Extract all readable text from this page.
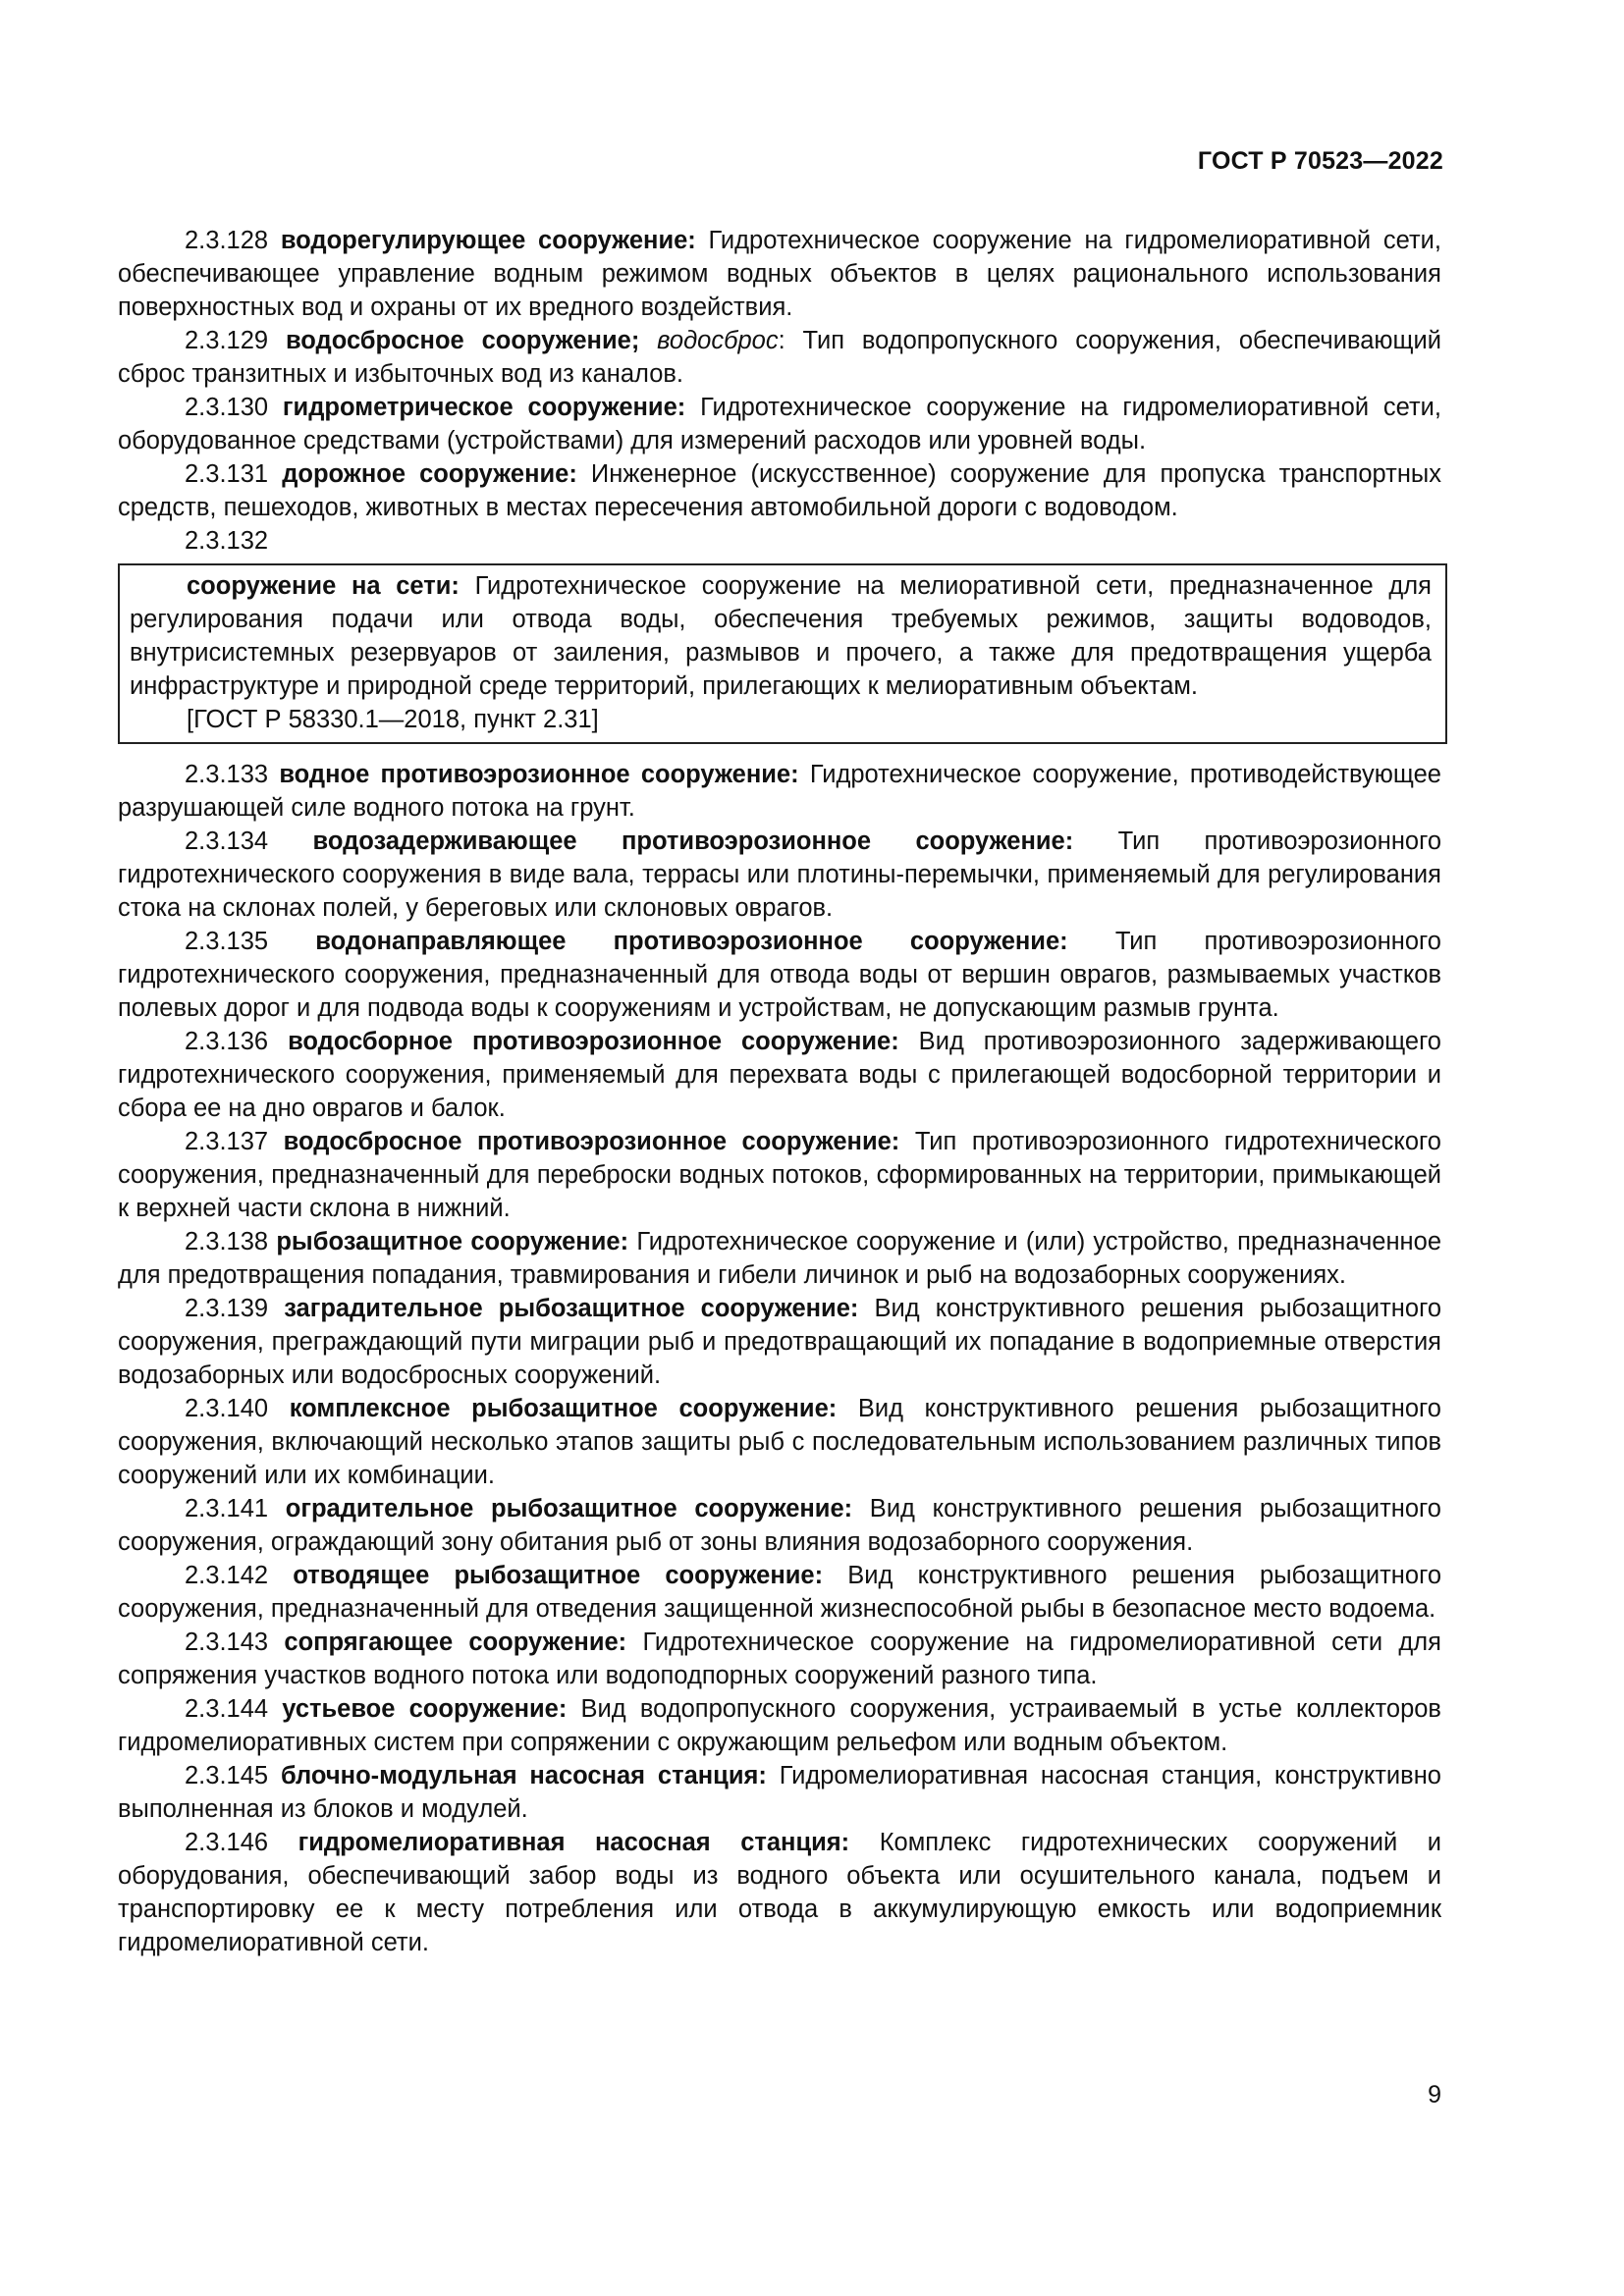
ГОСТ Р 70523—2022

2.3.128 водорегулирующее сооружение: Гидротехническое сооружение на гидромелиоративной сети, обеспечивающее управление водным режимом водных объектов в целях рационального использования поверхностных вод и охраны от их вредного воздействия.

2.3.129 водосбросное сооружение; водосброс: Тип водопропускного сооружения, обеспечивающий сброс транзитных и избыточных вод из каналов.

2.3.130 гидрометрическое сооружение: Гидротехническое сооружение на гидромелиоративной сети, оборудованное средствами (устройствами) для измерений расходов или уровней воды.

2.3.131 дорожное сооружение: Инженерное (искусственное) сооружение для пропуска транспортных средств, пешеходов, животных в местах пересечения автомобильной дороги с водоводом.

2.3.132

сооружение на сети: Гидротехническое сооружение на мелиоративной сети, предназначенное для регулирования подачи или отвода воды, обеспечения требуемых режимов, защиты водоводов, внутрисистемных резервуаров от заиления, размывов и прочего, а также для предотвращения ущерба инфраструктуре и природной среде территорий, прилегающих к мелиоративным объектам.

[ГОСТ Р 58330.1—2018, пункт 2.31]

2.3.133 водное противоэрозионное сооружение: Гидротехническое сооружение, противодействующее разрушающей силе водного потока на грунт.

2.3.134 водозадерживающее противоэрозионное сооружение: Тип противоэрозионного гидротехнического сооружения в виде вала, террасы или плотины-перемычки, применяемый для регулирования стока на склонах полей, у береговых или склоновых оврагов.

2.3.135 водонаправляющее противоэрозионное сооружение: Тип противоэрозионного гидротехнического сооружения, предназначенный для отвода воды от вершин оврагов, размываемых участков полевых дорог и для подвода воды к сооружениям и устройствам, не допускающим размыв грунта.

2.3.136 водосборное противоэрозионное сооружение: Вид противоэрозионного задерживающего гидротехнического сооружения, применяемый для перехвата воды с прилегающей водосборной территории и сбора ее на дно оврагов и балок.

2.3.137 водосбросное противоэрозионное сооружение: Тип противоэрозионного гидротехнического сооружения, предназначенный для переброски водных потоков, сформированных на территории, примыкающей к верхней части склона в нижний.

2.3.138 рыбозащитное сооружение: Гидротехническое сооружение и (или) устройство, предназначенное для предотвращения попадания, травмирования и гибели личинок и рыб на водозаборных сооружениях.

2.3.139 заградительное рыбозащитное сооружение: Вид конструктивного решения рыбозащитного сооружения, преграждающий пути миграции рыб и предотвращающий их попадание в водоприемные отверстия водозаборных или водосбросных сооружений.

2.3.140 комплексное рыбозащитное сооружение: Вид конструктивного решения рыбозащитного сооружения, включающий несколько этапов защиты рыб с последовательным использованием различных типов сооружений или их комбинации.

2.3.141 оградительное рыбозащитное сооружение: Вид конструктивного решения рыбозащитного сооружения, ограждающий зону обитания рыб от зоны влияния водозаборного сооружения.

2.3.142 отводящее рыбозащитное сооружение: Вид конструктивного решения рыбозащитного сооружения, предназначенный для отведения защищенной жизнеспособной рыбы в безопасное место водоема.

2.3.143 сопрягающее сооружение: Гидротехническое сооружение на гидромелиоративной сети для сопряжения участков водного потока или водоподпорных сооружений разного типа.

2.3.144 устьевое сооружение: Вид водопропускного сооружения, устраиваемый в устье коллекторов гидромелиоративных систем при сопряжении с окружающим рельефом или водным объектом.

2.3.145 блочно-модульная насосная станция: Гидромелиоративная насосная станция, конструктивно выполненная из блоков и модулей.

2.3.146 гидромелиоративная насосная станция: Комплекс гидротехнических сооружений и оборудования, обеспечивающий забор воды из водного объекта или осушительного канала, подъем и транспортировку ее к месту потребления или отвода в аккумулирующую емкость или водоприемник гидромелиоративной сети.

9
